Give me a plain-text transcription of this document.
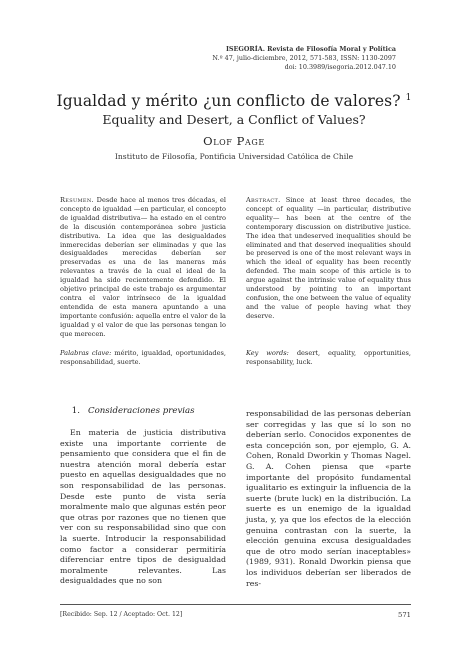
ISEGORÍA. Revista de Filosofía Moral y Política
N.º 47, julio-diciembre, 2012, 571-583, ISSN: 1130-2097
doi: 10.3989/isegoria.2012.047.10
Igualdad y mérito ¿un conflicto de valores? $^1$
Equality and Desert, a Conflict of Values?
Olof Page
Instituto de Filosofía, Pontificia Universidad Católica de Chile
Resumen. Desde hace al menos tres décadas, el concepto de igualdad —en particular, el concepto de igualdad distributiva— ha estado en el centro de la discusión contemporánea sobre justicia distributiva. La idea que las desigualdades inmerecidas deberían ser eliminadas y que las desigualdades merecidas deberían ser preservadas es una de las maneras más relevantes a través de la cual el ideal de la igualdad ha sido recientemente defendido. El objetivo principal de este trabajo es argumentar contra el valor intrínseco de la igualdad entendida de esta manera apuntando a una importante confusión: aquella entre el valor de la igualdad y el valor de que las personas tengan lo que merecen.
Abstract. Since at least three decades, the concept of equality —in particular, distributive equality— has been at the centre of the contemporary discussion on distributive justice. The idea that undeserved inequalities should be eliminated and that deserved inequalities should be preserved is one of the most relevant ways in which the ideal of equality has been recently defended. The main scope of this article is to argue against the intrinsic value of equality thus understood by pointing to an important confusion, the one between the value of equality and the value of people having what they deserve.
Palabras clave: mérito, igualdad, oportunidades, responsabilidad, suerte.
Key words: desert, equality, opportunities, responsability, luck.
1. Consideraciones previas
En materia de justicia distributiva existe una importante corriente de pensamiento que considera que el fin de nuestra atención moral debería estar puesto en aquellas desigualdades que no son responsabilidad de las personas. Desde este punto de vista sería moralmente malo que algunas estén peor que otras por razones que no tienen que ver con su responsabilidad sino que con la suerte. Introducir la responsabilidad como factor a considerar permitiría diferenciar entre tipos de desigualdad moralmente relevantes. Las desigualdades que no son
responsabilidad de las personas deberían ser corregidas y las que sí lo son no deberían serlo. Conocidos exponentes de esta concepción son, por ejemplo, G. A. Cohen, Ronald Dworkin y Thomas Nagel. G. A. Cohen piensa que «parte importante del propósito fundamental igualitario es extinguir la influencia de la suerte (brute luck) en la distribución. La suerte es un enemigo de la igualdad justa, y, ya que los efectos de la elección genuina contrastan con la suerte, la elección genuina excusa desigualdades que de otro modo serían inaceptables» (1989, 931). Ronald Dworkin piensa que los individuos deberían ser liberados de res-
[Recibido: Sep. 12 / Aceptado: Oct. 12]	571
